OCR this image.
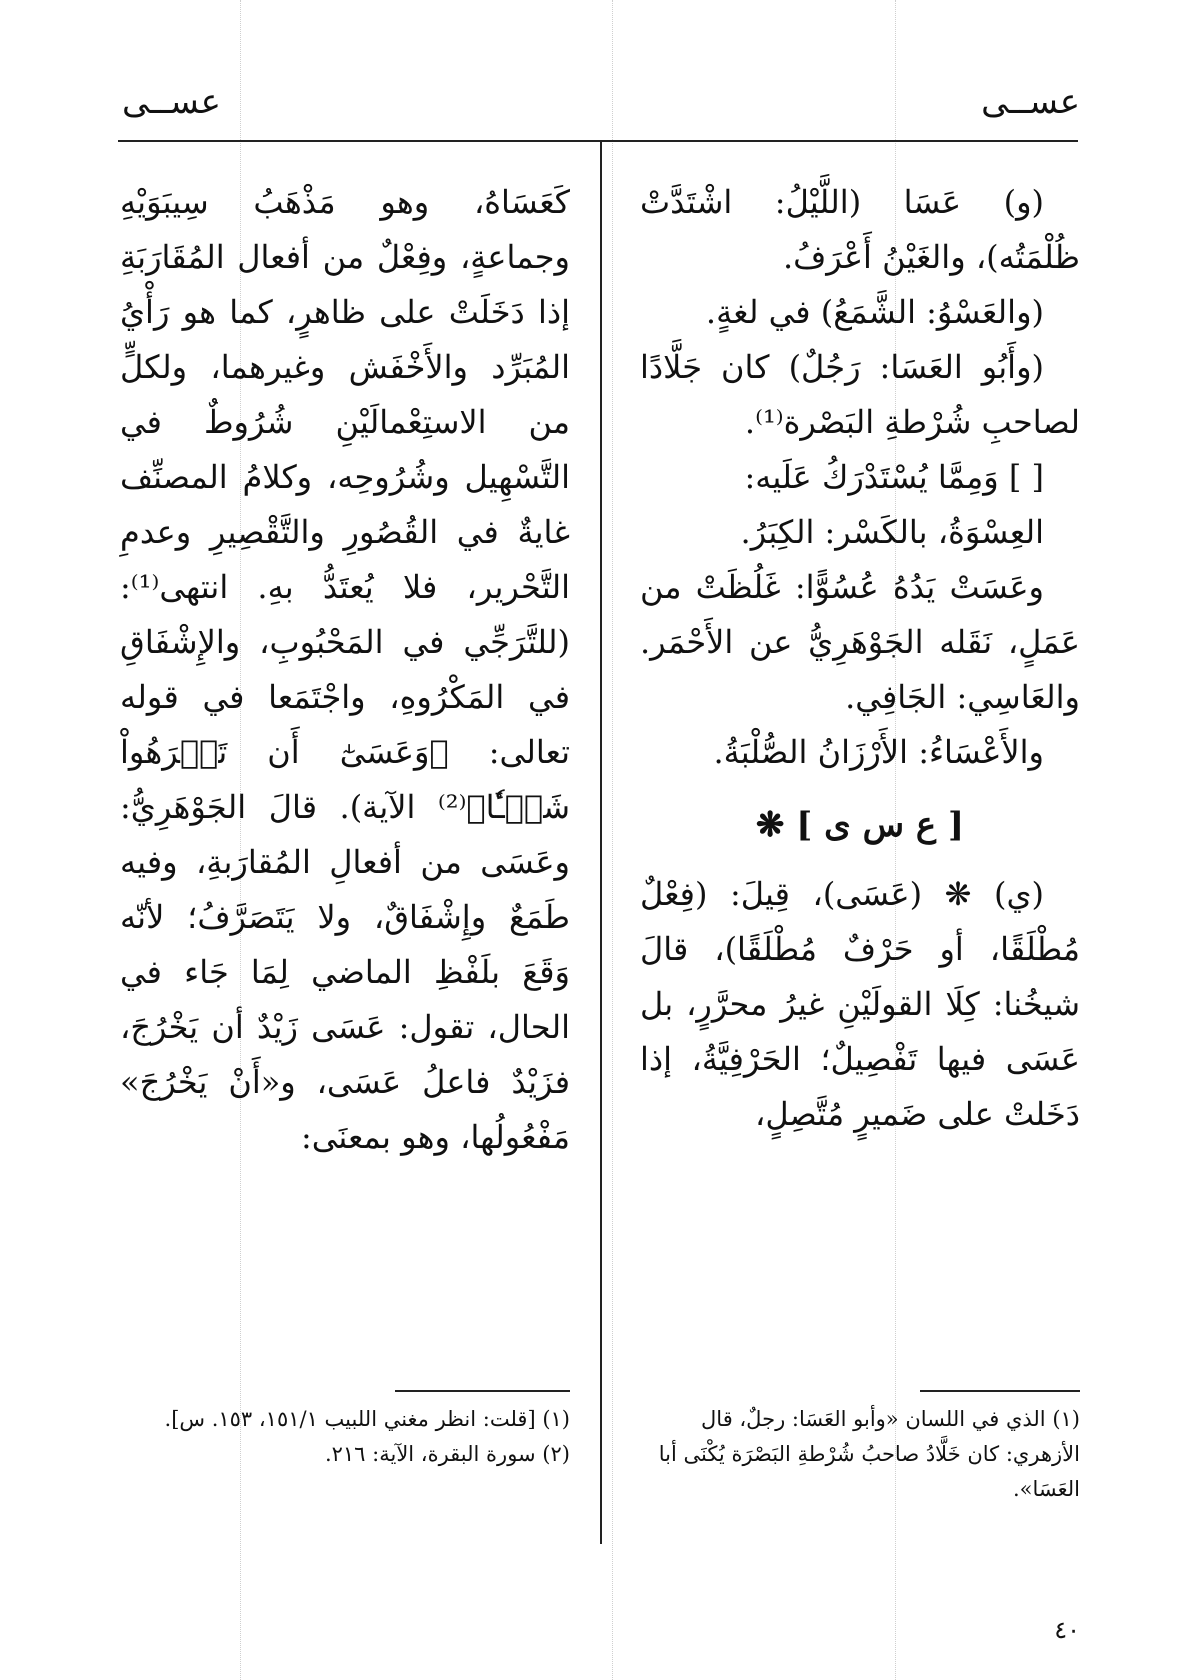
عســى
عســى

(و) عَسَا (اللَّيْلُ: اشْتَدَّتْ ظُلْمَتُه)، والغَيْنُ أَعْرَفُ.

(والعَسْوُ: الشَّمَعُ) في لغةٍ.

(وأَبُو العَسَا: رَجُلٌ) كان جَلَّادًا لصاحبِ شُرْطةِ البَصْرة⁽¹⁾.

[ ] وَمِمَّا يُسْتَدْرَكُ عَلَيه:

العِسْوَةُ، بالكَسْر: الكِبَرُ.

وعَسَتْ يَدُهُ عُسُوًّا: غَلُظَتْ من عَمَلٍ، نَقَله الجَوْهَرِيُّ عن الأَحْمَر. والعَاسِي: الجَافِي.

والأَعْسَاءُ: الأَرْزَانُ الصُّلْبَةُ.

[ ع س ى ] ❋

(ي) ❋ (عَسَى)، قِيلَ: (فِعْلٌ مُطْلَقًا، أو حَرْفٌ مُطْلَقًا)، قالَ شيخُنا: كِلَا القولَيْنِ غيرُ محرَّرٍ، بل عَسَى فيها تَفْصِيلٌ؛ الحَرْفِيَّةُ، إذا دَخَلتْ على ضَميرٍ مُتَّصِلٍ،

كَعَسَاهُ، وهو مَذْهَبُ سِيبَوَيْهِ وجماعةٍ، وفِعْلٌ من أفعال المُقَارَبَةِ إذا دَخَلَتْ على ظاهرٍ، كما هو رَأْيُ المُبَرِّد والأَخْفَش وغيرهما، ولكلٍّ من الاستِعْمالَيْنِ شُرُوطٌ في التَّسْهِيل وشُرُوحِه، وكلامُ المصنِّف غايةٌ في القُصُورِ والتَّقْصِيرِ وعدمِ التَّحْرير، فلا يُعتَدُّ بهِ. انتهى⁽¹⁾: (للتَّرَجِّي في المَحْبُوبِ، والإِشْفَاقِ في المَكْرُوهِ، واجْتَمَعا في قوله تعالى: ﴿وَعَسَىٰٓ أَن تَكۡرَهُواْ شَيۡـٔٗا﴾⁽²⁾ الآية). قالَ الجَوْهَرِيُّ: وعَسَى من أفعالِ المُقارَبةِ، وفيه طَمَعٌ وإِشْفَاقٌ، ولا يَتَصَرَّفُ؛ لأنّه وَقَعَ بلَفْظِ الماضي لِمَا جَاء في الحال، تقول: عَسَى زَيْدٌ أن يَخْرُجَ، فزَيْدٌ فاعلُ عَسَى، و«أَنْ يَخْرُجَ» مَفْعُولُها، وهو بمعنَى:

(١) الذي في اللسان «وأبو العَسَا: رجلٌ، قال الأزهري: كان خَلَّادُ صاحبُ شُرْطةِ البَصْرَة يُكْنَى أبا العَسَا».

(١) [قلت: انظر مغني اللبيب ١٥١/١، ١٥٣. س].

(٢) سورة البقرة، الآية: ٢١٦.

٤٠
